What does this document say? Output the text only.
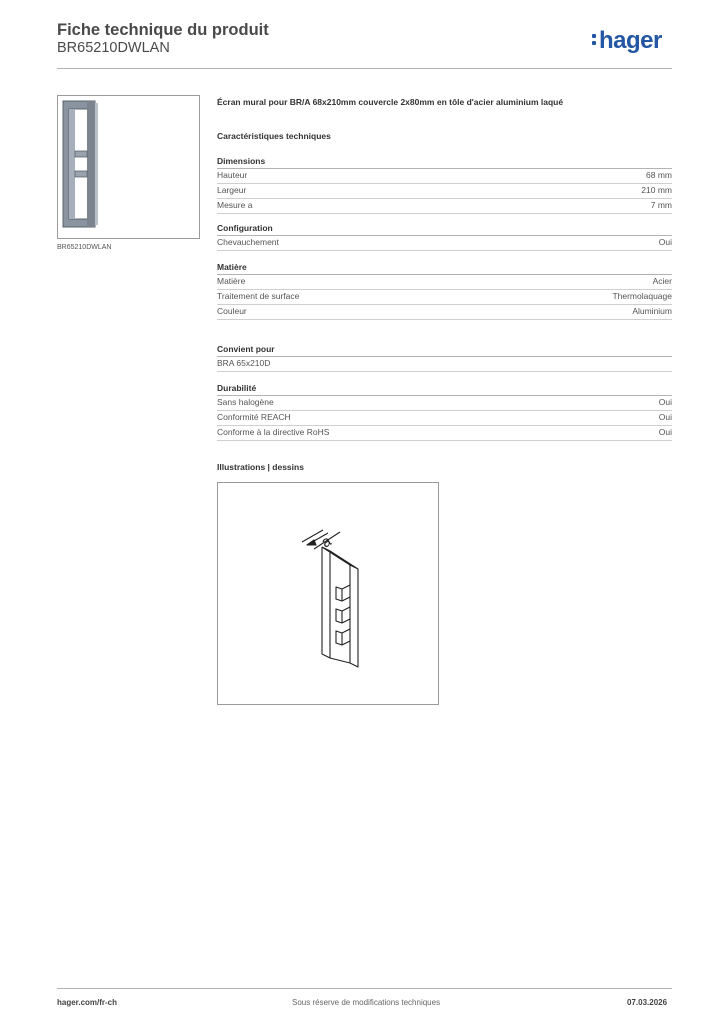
Fiche technique du produit
BR65210DWLAN	hager
BR65210DWLAN
Écran mural pour BR/A 68x210mm couvercle 2x80mm en tôle d'acier aluminium laqué
Caractéristiques techniques
Dimensions
Hauteur	68 mm
Largeur	210 mm
Mesure a	7 mm
Configuration
Chevauchement	Oui
Matière
Matière	Acier
Traitement de surface	Thermolaquage
Couleur	Aluminium
Convient pour
BRA 65x210D
Durabilité
Sans halogène	Oui
Conformité REACH	Oui
Conforme à la directive RoHS	Oui
Illustrations | dessins
a
hager.com/fr-ch	Sous réserve de modifications techniques	07.03.2026
